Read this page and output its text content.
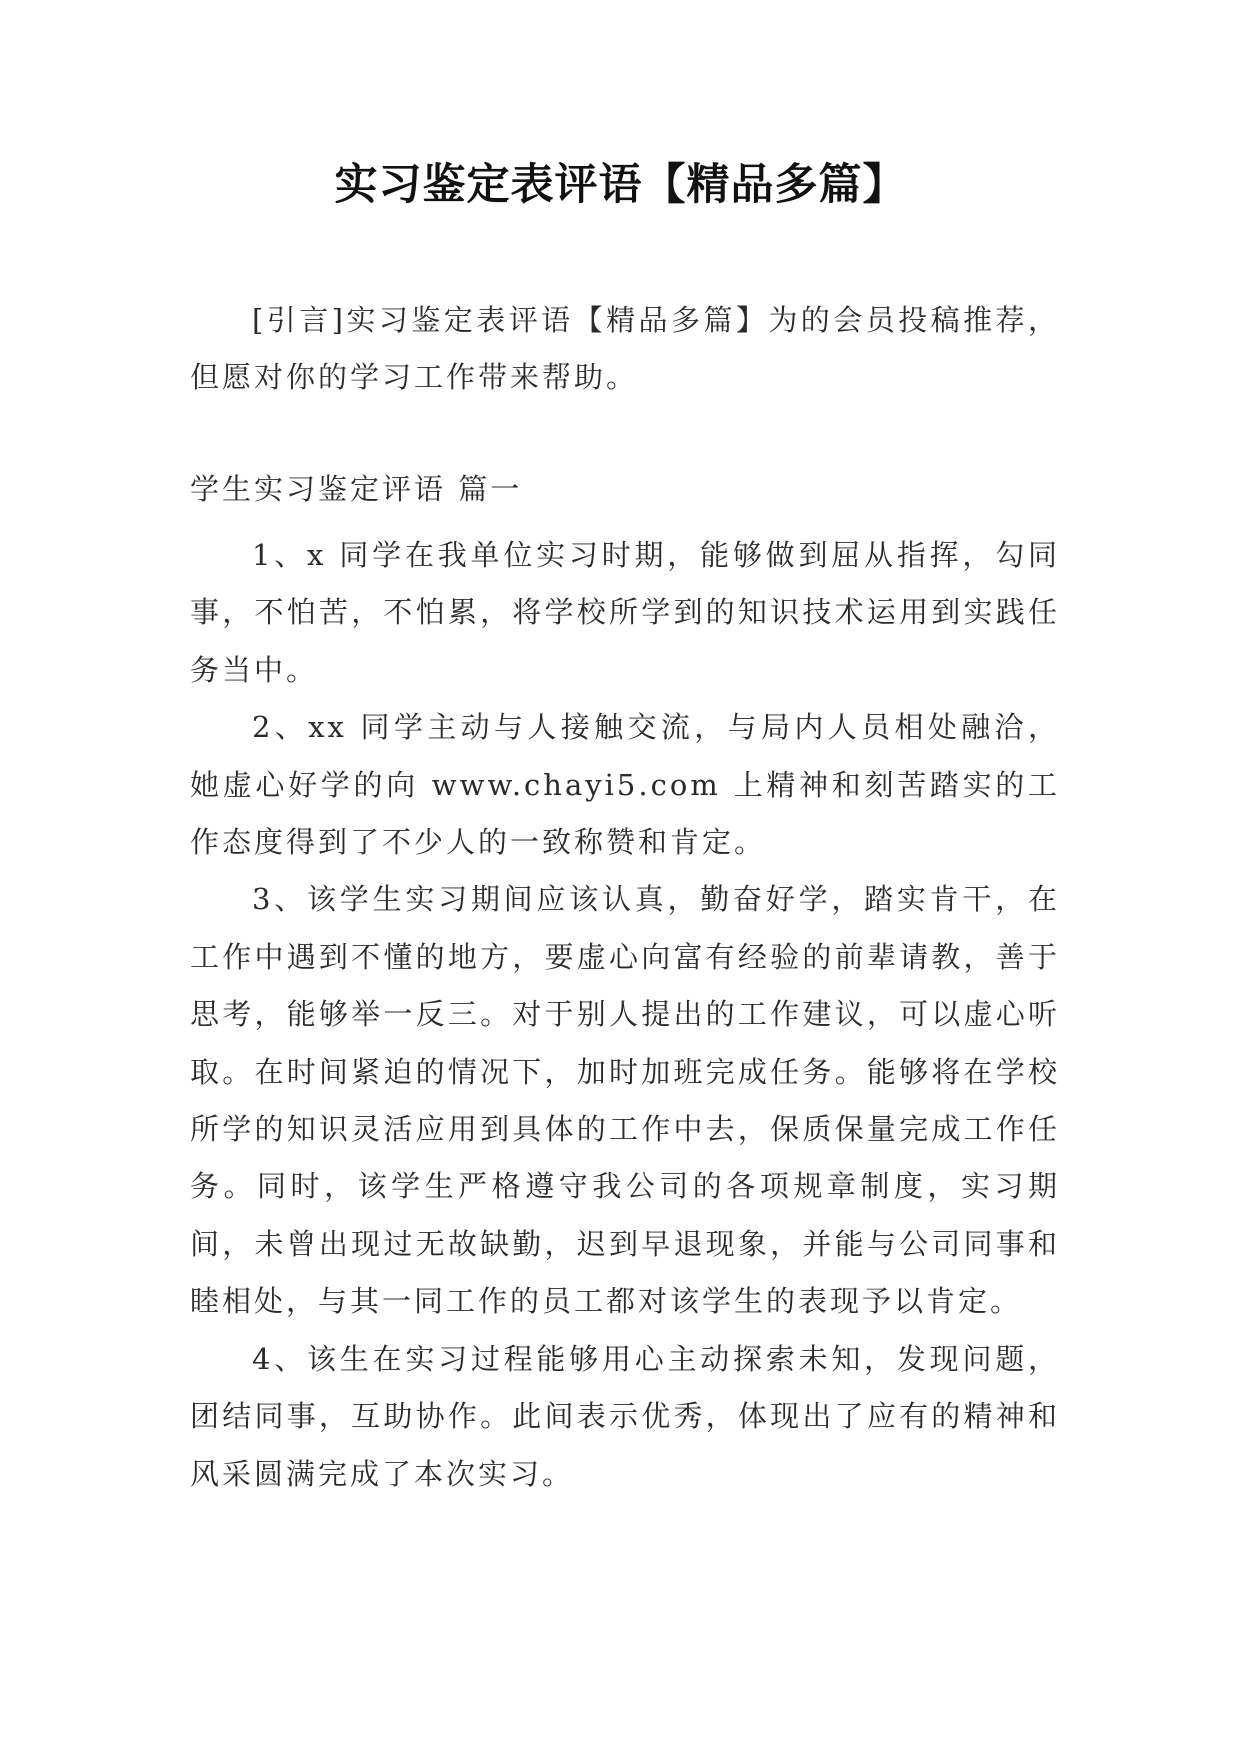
实习鉴定表评语【精品多篇】

[引言]实习鉴定表评语【精品多篇】为的会员投稿推荐，但愿对你的学习工作带来帮助。

学生实习鉴定评语 篇一

1、x 同学在我单位实习时期，能够做到屈从指挥，勾同事，不怕苦，不怕累，将学校所学到的知识技术运用到实践任务当中。

2、xx 同学主动与人接触交流，与局内人员相处融洽，她虚心好学的向 www.chayi5.com 上精神和刻苦踏实的工作态度得到了不少人的一致称赞和肯定。

3、该学生实习期间应该认真，勤奋好学，踏实肯干，在工作中遇到不懂的地方，要虚心向富有经验的前辈请教，善于思考，能够举一反三。对于别人提出的工作建议，可以虚心听取。在时间紧迫的情况下，加时加班完成任务。能够将在学校所学的知识灵活应用到具体的工作中去，保质保量完成工作任务。同时，该学生严格遵守我公司的各项规章制度，实习期间，未曾出现过无故缺勤，迟到早退现象，并能与公司同事和睦相处，与其一同工作的员工都对该学生的表现予以肯定。

4、该生在实习过程能够用心主动探索未知，发现问题，团结同事，互助协作。此间表示优秀，体现出了应有的精神和风采圆满完成了本次实习。
